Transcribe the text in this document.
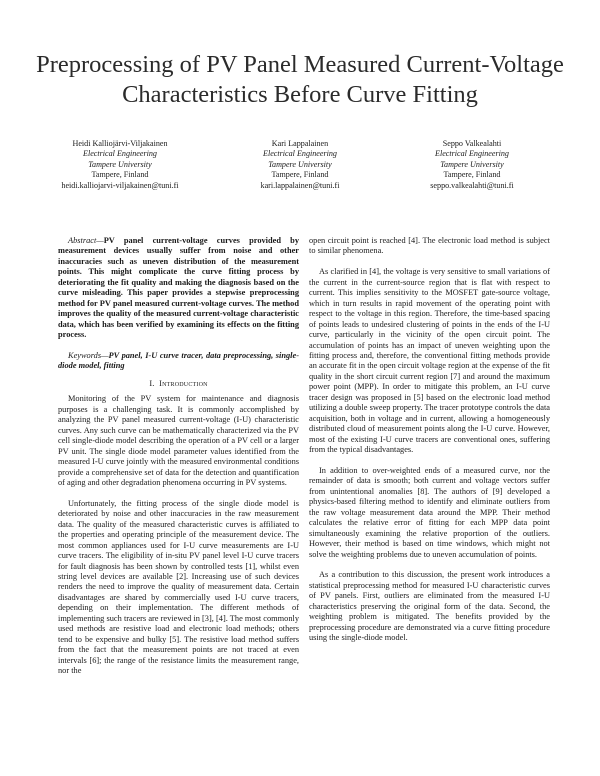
Preprocessing of PV Panel Measured Current-Voltage Characteristics Before Curve Fitting
Heidi Kalliojärvi-Viljakainen
Electrical Engineering
Tampere University
Tampere, Finland
heidi.kalliojarvi-viljakainen@tuni.fi
Kari Lappalainen
Electrical Engineering
Tampere University
Tampere, Finland
kari.lappalainen@tuni.fi
Seppo Valkealahti
Electrical Engineering
Tampere University
Tampere, Finland
seppo.valkealahti@tuni.fi

Abstract—PV panel current-voltage curves provided by measurement devices usually suffer from noise and other inaccuracies such as uneven distribution of the measurement points. This might complicate the curve fitting process by deteriorating the fit quality and making the diagnosis based on the curve misleading. This paper provides a stepwise preprocessing method for PV panel measured current-voltage curves. The method improves the quality of the measured current-voltage characteristic data, which has been verified by examining its effects on the fitting process.

Keywords—PV panel, I-U curve tracer, data preprocessing, single-diode model, fitting

I. Introduction

Monitoring of the PV system for maintenance and diagnosis purposes is a challenging task. It is commonly accomplished by analyzing the PV panel measured current-voltage (I-U) characteristic curves. Any such curve can be mathematically characterized via the PV cell single-diode model describing the operation of a PV cell or a larger PV unit. The single diode model parameter values identified from the measured I-U curve jointly with the measured environmental conditions provide a comprehensive set of data for the detection and quantification of aging and other degradation phenomena occurring in PV systems.

Unfortunately, the fitting process of the single diode model is deteriorated by noise and other inaccuracies in the raw measurement data. The quality of the measured characteristic curves is affiliated to the properties and operating principle of the measurement device. The most common appliances used for I-U curve measurements are I-U curve tracers. The eligibility of in-situ PV panel level I-U curve tracers for fault diagnosis has been shown by controlled tests [1], whilst even string level devices are available [2]. Increasing use of such devices renders the need to improve the quality of measurement data. Certain disadvantages are shared by commercially used I-U curve tracers, depending on their implementation. The different methods of implementing such tracers are reviewed in [3], [4]. The most commonly used methods are resistive load and electronic load methods; others tend to be expensive and bulky [5]. The resistive load method suffers from the fact that the measurement points are not traced at even intervals [6]; the range of the resistance limits the measurement range, nor the

open circuit point is reached [4]. The electronic load method is subject to similar phenomena.

As clarified in [4], the voltage is very sensitive to small variations of the current in the current-source region that is flat with respect to current. This implies sensitivity to the MOSFET gate-source voltage, which in turn results in rapid movement of the operating point with respect to the voltage in this region. Therefore, the time-based spacing of points leads to undesired clustering of points in the ends of the I-U curve, particularly in the vicinity of the open circuit point. The accumulation of points has an impact of uneven weighting upon the fitting process and, therefore, the conventional fitting methods provide an accurate fit in the open circuit voltage region at the expense of the fit quality in the short circuit current region [7] and around the maximum power point (MPP). In order to mitigate this problem, an I-U curve tracer design was proposed in [5] based on the electronic load method utilizing a double sweep property. The tracer prototype controls the data acquisition, both in voltage and in current, allowing a homogeneously distributed cloud of measurement points along the I-U curve. However, most of the existing I-U curve tracers are conventional ones, suffering from the typical disadvantages.

In addition to over-weighted ends of a measured curve, nor the remainder of data is smooth; both current and voltage vectors suffer from unintentional anomalies [8]. The authors of [9] developed a physics-based filtering method to identify and eliminate outliers from the raw voltage measurement data around the MPP. Their method calculates the relative error of fitting for each MPP data point simultaneously examining the relative proportion of the outliers. However, their method is based on time windows, which might not solve the weighting problems due to uneven accumulation of points.

As a contribution to this discussion, the present work introduces a statistical preprocessing method for measured I-U characteristic curves of PV panels. First, outliers are eliminated from the measured I-U characteristics preserving the original form of the data. Second, the weighting problem is mitigated. The benefits provided by the preprocessing procedure are demonstrated via a curve fitting procedure using the single-diode model.
